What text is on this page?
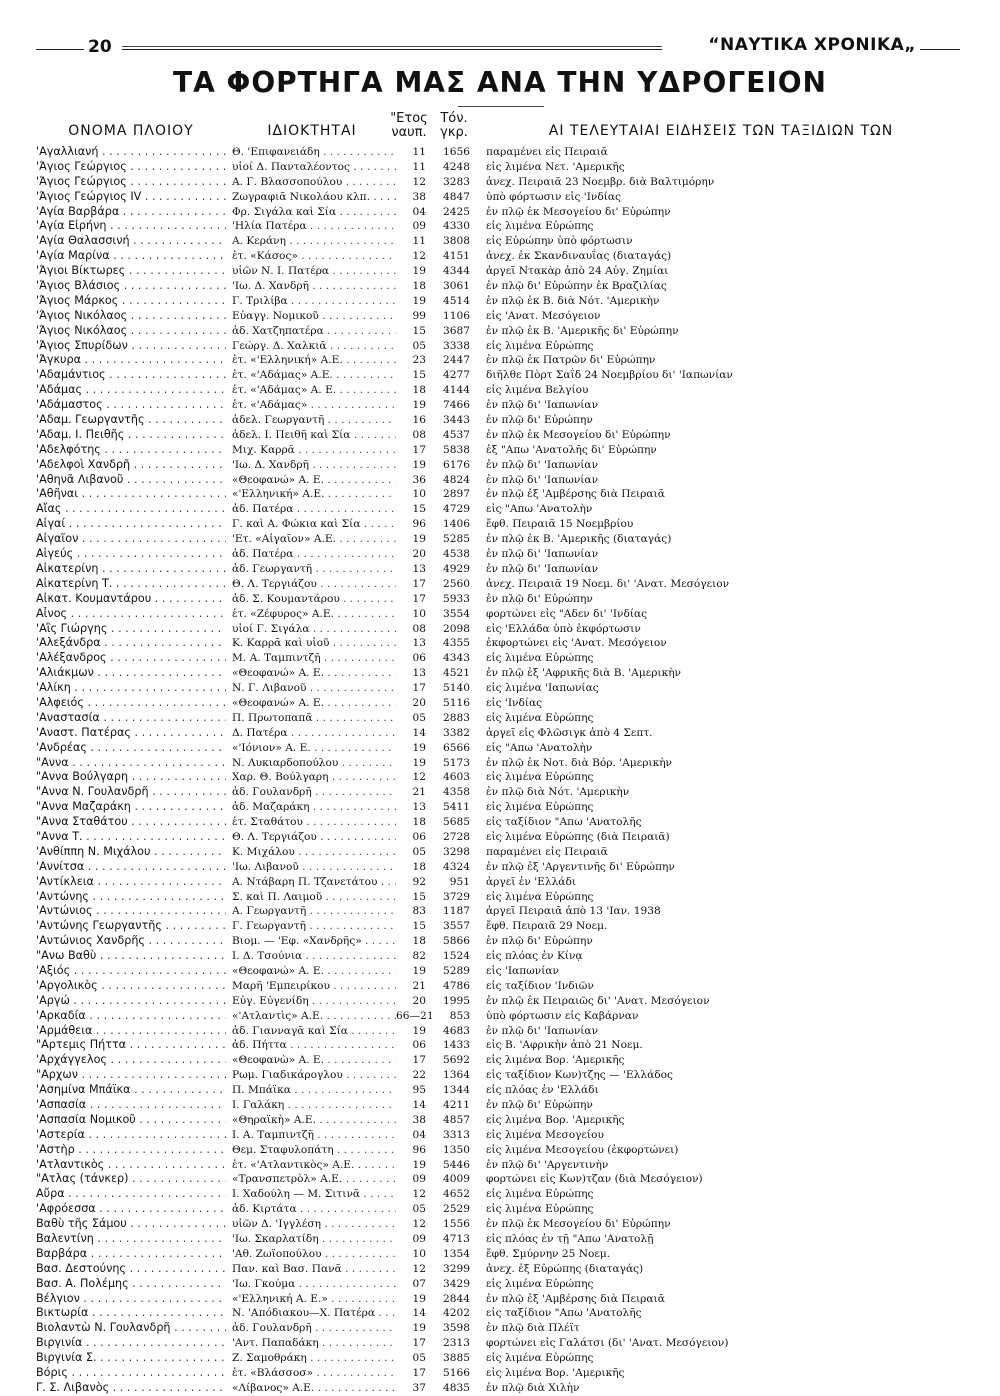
20	“ΝΑΥΤΙΚΑ ΧΡΟΝΙΚΑ„
ΤΑ ΦΟΡΤΗΓΑ ΜΑΣ ΑΝΑ ΤΗΝ ΥΔΡΟΓΕΙΟΝ
ΟΝΟΜΑ ΠΛΟΙΟΥ	ΙΔΙΟΚΤΗΤΑΙ
"Ετος
ναυπ.
Τόν.
γκρ.	ΑΙ ΤΕΛΕΥΤΑΙΑΙ ΕΙΔΗΣΕΙΣ ΤΩΝ ΤΑΞΙΔΙΩΝ ΤΩΝ
'Αγαλλιανή . . .	Θ. 'Επιφανειάδη . . .	11	1656 παραμένει εἰς Πειραιᾶ
'Άγιος Γεώργιος . . .	υἱοί Δ. Πανταλέοντος . . .	11	4248 εἰς λιμένα Νετ. 'Αμερικῆς
'Άγιος Γεώργιος . . .	Α. Γ. Βλασσοπούλου . . .	12	3283 ἀνεχ. Πειραιᾶ 23 Νοεμβρ. διὰ Βαλτιμόρην
'Άγιος Γεώργιος IV . . .	Ζωγραφιᾶ Νικολάου κλπ. . . .	38	4847 ὑπὸ φόρτωσιν εἰς 'Ινδίας
'Αγία Βαρβάρα . . .	Φρ. Σιγάλα καὶ Σία . . .	04	2425 ἐν πλῷ ἐκ Μεσογείου δι' Εὐρώπην
'Αγία Εἰρήνη . . .	'Ηλία Πατέρα . . .	09	4330 εἰς λιμένα Εὐρώπης
'Αγία Θαλασσινή . . .	Α. Κεράνη . . .	11	3808 εἰς Εὐρώπην ὑπὸ φόρτωσιν
'Αγία Μαρίνα . . .	ἑτ. «Κάσος» . . .	12	4151 ἀνεχ. ἐκ Σκανδιναυΐας (διαταγάς)
'Άγιοι Βίκτωρες . . .	υἱῶν Ν. Ι. Πατέρα . . .	19	4344 ἀργεῖ Ντακὰρ ἀπὸ 24 Αὐγ. Ζημίαι
'Άγιος Βλάσιος . . .	'Ιω. Δ. Χανδρῆ . . .	18	3061 ἐν πλῷ δι' Εὐρώπην ἐκ Βραζιλίας
'Άγιος Μάρκος . . .	Γ. Τριλίβα . . .	19	4514 ἐν πλῷ ἐκ Β. διὰ Νότ. 'Αμερικὴν
'Άγιος Νικόλαος . . .	Εὐαγγ. Νομικοῦ . . .	99	1106 εἰς 'Ανατ. Μεσόγειον
'Άγιος Νικόλαος . . .	ἀδ. Χατζηπατέρα . . .	15	3687 ἐν πλῷ ἐκ Β. 'Αμερικῆς δι' Εὐρώπην
'Άγιος Σπυρίδων . . .	Γεώργ. Δ. Χαλκιᾶ . . .	05	3338 εἰς λιμένα Εὐρώπης
'Άγκυρα . . .	ἑτ. «'Ελληνική» Α.Ε. . . .	23	2447 ἐν πλῷ ἐκ Πατρῶν δι' Εὐρώπην
'Αδαμάντιος . . .	ἑτ. «'Αδάμας» Α.Ε. . . .	15	4277 διῆλθε Πὸρτ Σαΐδ 24 Νοεμβρίου δι' 'Ιαπωνίαν
'Αδάμας . . .	ἑτ. «'Αδάμας» Α. Ε. . . .	18	4144 εἰς λιμένα Βελγίου
'Αδάμαστος . . .	ἑτ. «'Αδάμας» . . .	19	7466 ἐν πλῷ δι' 'Ιαπωνίαν
'Αδαμ. Γεωργαντῆς . . .	ἀδελ. Γεωργαντῆ . . .	16	3443 ἐν πλῷ δι' Εὐρώπην
'Αδαμ. Ι. Πειθῆς . . .	ἀδελ. Ι. Πειθῆ καὶ Σία . . .	08	4537 ἐν πλῷ ἐκ Μεσογείου δι' Εὐρώπην
'Αδελφότης . . .	Μιχ. Καρρᾶ . . .	17	5838 ἐξ "Απω 'Ανατολῆς δι' Εὐρώπην
'Αδελφοὶ Χανδρῆ . . .	'Ιω. Δ. Χανδρῆ . . .	19	6176 ἐν πλῷ δι' 'Ιαπωνίαν
'Αθηνᾶ Λιβανοῦ . . .	«Θεοφανώ» Α. Ε. . . .	36	4824 ἐν πλῷ δι' 'Ιαπωνίαν
'Αθῆναι . . .	«'Ελληνική» Α.Ε. . . .	10	2897 ἐν πλῷ ἐξ 'Αμβέρσης διὰ Πειραιᾶ
Αἴας . . .	ἀδ. Πατέρα . . .	15	4729 εἰς "Απω 'Ανατολὴν
Αἰγαί . . .	Γ. καὶ Α. Φώκια καὶ Σία . . .	96	1406 ἔφθ. Πειραιᾶ 15 Νοεμβρίου
Αἰγαῖον . . .	'Ετ. «Αἰγαῖον» Α.Ε. . . .	19	5285 ἐν πλῷ ἐκ Β. 'Αμερικῆς (διαταγάς)
Αἰγεύς . . .	ἀδ. Πατέρα . . .	20	4538 ἐν πλῷ δι' 'Ιαπωνίαν
Αἰκατερίνη . . .	ἀδ. Γεωργαντῆ . . .	13	4929 ἐν πλῷ δι' 'Ιαπωνίαν
Αἰκατερίνη Τ. . . .	Θ. Λ. Τεργιάζου . . .	17	2560 ἀνεχ. Πειραιᾶ 19 Νοεμ. δι' 'Ανατ. Μεσόγειον
Αἰκατ. Κουμαντάρου . . .	ἀδ. Σ. Κουμαντάρου . . .	17	5933 ἐν πλῷ δι' Εὐρώπην
Αἶνος . . .	ἑτ. «Ζέφυρος» Α.Ε. . . .	10	3554 φορτώνει εἰς "Αδεν δι' 'Ινδίας
'Αἲς Γιώργης . . .	υἱοί Γ. Σιγάλα . . .	08	2098 εἰς 'Ελλάδα ὑπὸ ἐκφόρτωσιν
'Αλεξάνδρα . . .	Κ. Καρρᾶ καὶ υἱοῦ . . .	13	4355 ἐκφορτώνει εἰς 'Ανατ. Μεσόγειον
'Αλέξανδρος . . .	Μ. Α. Ταμπιντζῆ . . .	06	4343 εἰς λιμένα Εὐρώπης
'Αλιάκμων . . .	«Θεοφανώ» Α. Ε. . . .	13	4521 ἐν πλῷ ἐξ 'Αφρικῆς διὰ Β. 'Αμερικὴν
'Αλίκη . . .	Ν. Γ. Λιβανοῦ . . .	17	5140 εἰς λιμένα 'Ιαπωνίας
'Αλφειός . . .	«Θεοφανώ» Α. Ε. . . .	20	5116 εἰς 'Ινδίας
'Αναστασία . . .	Π. Πρωτοπαπᾶ . . .	05	2883 εἰς λιμένα Εὐρώπης
'Αναστ. Πατέρας . . .	Δ. Πατέρα . . .	14	3382 ἀργεῖ εἰς Φλῶσιγκ ἀπὸ 4 Σεπτ.
'Ανδρέας . . .	«'Ιόνιον» Α. Ε. . . .	19	6566 εἰς "Απω 'Ανατολὴν
"Αννα . . .	Ν. Λυκιαρδοπούλου . . .	19	5173 ἐν πλῷ ἐκ Νοτ. διὰ Βόρ. 'Αμερικὴν
"Αννα Βούλγαρη . . .	Χαρ. Θ. Βούλγαρη . . .	12	4603 εἰς λιμένα Εὐρώπης
"Αννα Ν. Γουλανδρῆ . . .	ἀδ. Γουλανδρῆ . . .	21	4358 ἐν πλῷ διὰ Νότ. 'Αμερικὴν
"Αννα Μαζαράκη . . .	ἀδ. Μαζαράκη . . .	13	5411 εἰς λιμένα Εὐρώπης
"Αννα Σταθάτου . . .	ἑτ. Σταθάτου . . .	18	5685 εἰς ταξίδιον "Απω 'Ανατολῆς
"Αννα Τ. . . .	Θ. Λ. Τεργιάζου . . .	06	2728 εἰς λιμένα Εὐρώπης (διὰ Πειραιᾶ)
'Ανθίππη Ν. Μιχάλου . . .	Κ. Μιχάλου . . .	05	3298 παραμένει εἰς Πειραιᾶ
'Αννίτσα . . .	'Ιω. Λιβανοῦ . . .	18	4324 ἐν πλῷ ἐξ 'Αργεντινῆς δι' Εὐρώπην
'Αντίκλεια . . .	Α. Ντάβαρη Π. Τζανετάτου . . .	92	951 ἀργεῖ ἐν 'Ελλάδι
'Αντώνης . . .	Σ. καὶ Π. Λαιμοῦ . . .	15	3729 εἰς λιμένα Εὐρώπης
'Αντώνιος . . .	Α. Γεωργαντῆ . . .	83	1187 ἀργεῖ Πειραιᾶ ἀπὸ 13 'Ιαν. 1938
'Αντώνης Γεωργαντῆς . . .	Γ. Γεωργαντῆ . . .	15	3557 ἔφθ. Πειραιᾶ 29 Νοεμ.
'Αντώνιος Χανδρῆς . . .	Βιομ. — 'Εφ. «Χανδρῆς» . . .	18	5866 ἐν πλῷ δι' Εὐρώπην
"Ανω Βαθὺ . . .	Ι. Δ. Τσούνια . . .	82	1524 εἰς πλόας ἐν Κίνᾳ
'Αξιός . . .	«Θεοφανώ» Α. Ε. . . .	19	5289 εἰς 'Ιαπωνίαν
'Αργολικὸς . . .	Μαρῆ 'Εμπειρίκου . . .	21	4786 εἰς ταξίδιον 'Ινδιῶν
'Αργώ . . .	Εὐγ. Εὐγενίδη . . .	20	1995 ἐν πλῷ ἐκ Πειραιῶς δι' 'Ανατ. Μεσόγειον
'Αρκαδία . . .	«'Ατλαντὶς» Α.Ε. . . .	66—21	853 ὑπὸ φόρτωσιν εἰς Καβάρναν
'Αρμάθεια . . .	ἀδ. Γιανναγᾶ καὶ Σία . . .	19	4683 ἐν πλῷ δι' 'Ιαπωνίαν
"Αρτεμις Πήττα . . .	ἀδ. Πήττα . . .	06	1433 εἰς Β. 'Αφρικὴν ἀπὸ 21 Νοεμ.
'Αρχάγγελος . . .	«Θεοφανὼ» Α. Ε. . . .	17	5692 εἰς λιμένα Βορ. 'Αμερικῆς
"Αρχων . . .	Ρωμ. Γιαδικάρογλου . . .	22	1364 εἰς ταξίδιον Κων)τζης — 'Ελλάδος
'Ασημίνα Μπάϊκα . . .	Π. Μπάϊκα . . .	95	1344 εἰς πλόας ἐν 'Ελλάδι
'Ασπασία . . .	Ι. Γαλάκη . . .	14	4211 ἐν πλῷ δι' Εὐρώπην
'Ασπασία Νομικοῦ . . .	«Θηραϊκὴ» Α.Ε. . . .	38	4857 εἰς λιμένα Βορ. 'Αμερικῆς
'Αστερία . . .	Ι. Α. Ταμπιντζῆ . . .	04	3313 εἰς λιμένα Μεσογείου
'Αστὴρ . . .	Θεμ. Σταφυλοπάτη . . .	96	1350 εἰς λιμένα Μεσογείου (ἐκφορτώνει)
'Ατλαντικὸς . . .	ἑτ. «'Ατλαντικὸς» Α.Ε. . . .	19	5446 ἐν πλῷ δι' 'Αργεντινὴν
"Ατλας (τάνκερ) . . .	«Τρανσπετρὸλ» Α.Ε. . . .	09	4009 φορτώνει εἰς Κων)τζαν (διὰ Μεσόγειον)
Αὔρα . . .	Ι. Χαδούλη — Μ. Σιτινᾶ . . .	12	4652 εἰς λιμένα Εὐρώπης
'Αφρόεσσα . . .	ἀδ. Κιρτάτα . . .	05	2529 εἰς λιμένα Εὐρώπης
Βαθὺ τῆς Σάμου . . .	υἱῶν Δ. 'Ιγγλέση . . .	12	1556 ἐν πλῷ ἐκ Μεσογείου δι' Εὐρώπην
Βαλεντίνη . . .	'Ιω. Σκαρλατίδη . . .	09	4713 εἰς πλόας ἐν τῇ "Απω 'Ανατολῇ
Βαρβάρα . . .	'Αθ. Ζωϊοπούλου . . .	10	1354 ἔφθ. Σμύρνην 25 Νοεμ.
Βασ. Δεστούνης . . .	Παν. καὶ Βασ. Πανᾶ . . .	12	3299 ἀνεχ. ἐξ Εὐρώπης (διαταγάς)
Βασ. Α. Πολέμης . . .	'Ιω. Γκούμα . . .	07	3429 εἰς λιμένα Εὐρώπης
Βέλγιον . . .	«'Ελληνική Α. Ε.» . . .	19	2844 ἐν πλῷ ἐξ 'Αμβέρσης διὰ Πειραιᾶ
Βικτωρία . . .	Ν. 'Απόδιακου—Χ. Πατέρα . . .	14	4202 εἰς ταξίδιον "Απω 'Ανατολῆς
Βιολαντὼ Ν. Γουλανδρῆ . . .	ἀδ. Γουλανδρῆ . . .	19	3598 ἐν πλῷ διὰ Πλέϊτ
Βιργινία . . .	'Αντ. Παπαδάκη . . .	17	2313 φορτώνει εἰς Γαλάτσι (δι' 'Ανατ. Μεσόγειον)
Βιργινία Σ. . . .	Ζ. Σαμοθράκη . . .	05	3885 εἰς λιμένα Εὐρώπης
Βόρις . . .	ἑτ. «Βλάσσοσ» . . .	17	5166 εἰς λιμένα Βορ. 'Αμερικῆς
Γ. Σ. Λιβανὸς . . .	«Λίβανος» Α.Ε. . . .	37	4835 ἐν πλῷ διὰ Χιλὴν
